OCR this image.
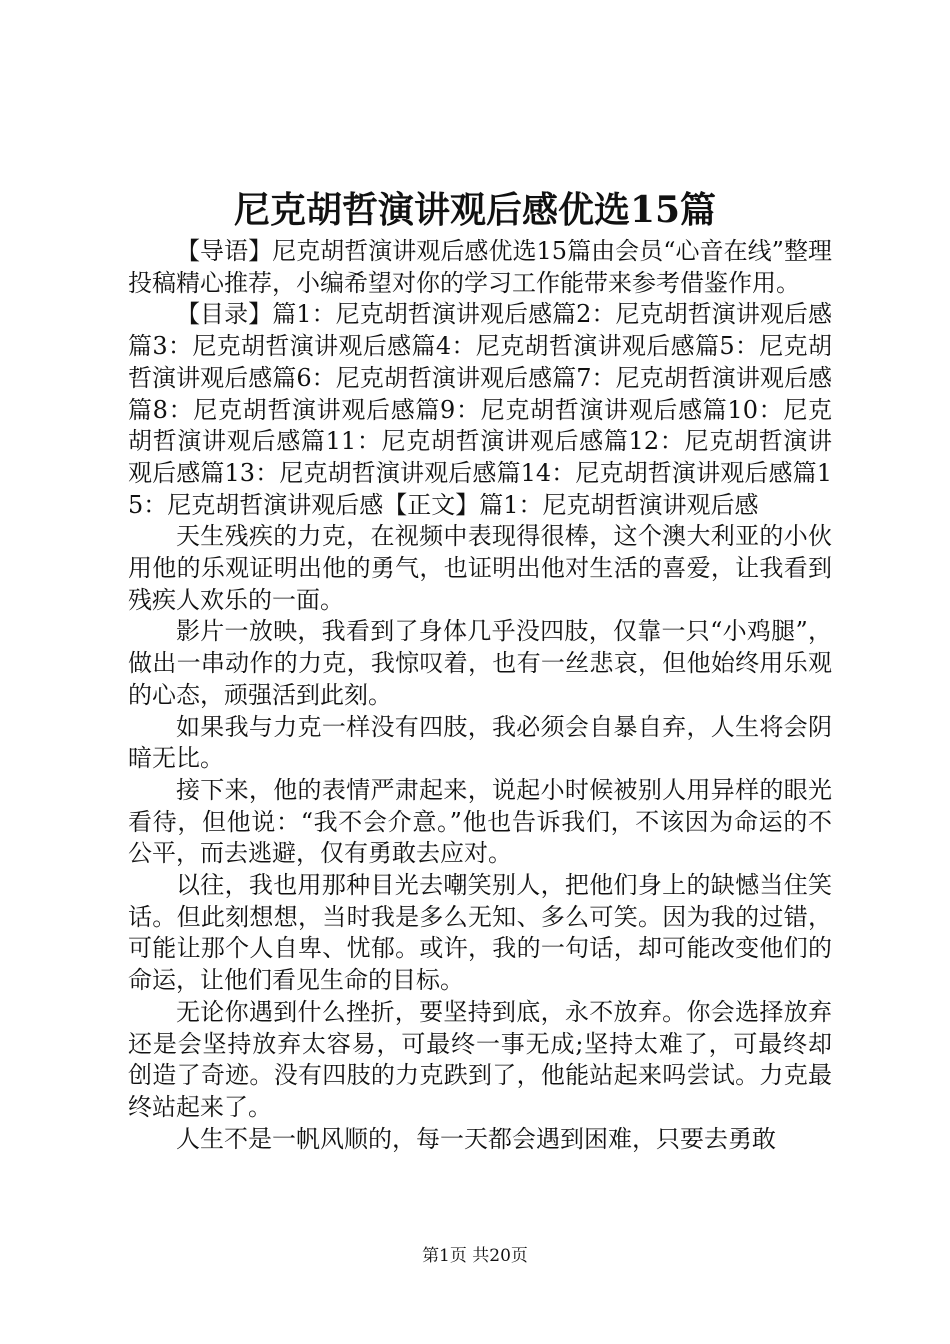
尼克胡哲演讲观后感优选15篇

【导语】尼克胡哲演讲观后感优选15篇由会员“心音在线”整理投稿精心推荐，小编希望对你的学习工作能带来参考借鉴作用。

【目录】篇1：尼克胡哲演讲观后感篇2：尼克胡哲演讲观后感篇3：尼克胡哲演讲观后感篇4：尼克胡哲演讲观后感篇5：尼克胡哲演讲观后感篇6：尼克胡哲演讲观后感篇7：尼克胡哲演讲观后感篇8：尼克胡哲演讲观后感篇9：尼克胡哲演讲观后感篇10：尼克胡哲演讲观后感篇11：尼克胡哲演讲观后感篇12：尼克胡哲演讲观后感篇13：尼克胡哲演讲观后感篇14：尼克胡哲演讲观后感篇15：尼克胡哲演讲观后感【正文】篇1：尼克胡哲演讲观后感

天生残疾的力克，在视频中表现得很棒，这个澳大利亚的小伙用他的乐观证明出他的勇气，也证明出他对生活的喜爱，让我看到残疾人欢乐的一面。

影片一放映，我看到了身体几乎没四肢，仅靠一只“小鸡腿”，做出一串动作的力克，我惊叹着，也有一丝悲哀，但他始终用乐观的心态，顽强活到此刻。

如果我与力克一样没有四肢，我必须会自暴自弃，人生将会阴暗无比。

接下来，他的表情严肃起来，说起小时候被别人用异样的眼光看待，但他说：“我不会介意。”他也告诉我们，不该因为命运的不公平，而去逃避，仅有勇敢去应对。

以往，我也用那种目光去嘲笑别人，把他们身上的缺憾当住笑话。但此刻想想，当时我是多么无知、多么可笑。因为我的过错，可能让那个人自卑、忧郁。或许，我的一句话，却可能改变他们的命运，让他们看见生命的目标。

无论你遇到什么挫折，要坚持到底，永不放弃。你会选择放弃还是会坚持放弃太容易，可最终一事无成;坚持太难了，可最终却创造了奇迹。没有四肢的力克跌到了，他能站起来吗尝试。力克最终站起来了。

人生不是一帆风顺的，每一天都会遇到困难，只要去勇敢

第1页 共20页
